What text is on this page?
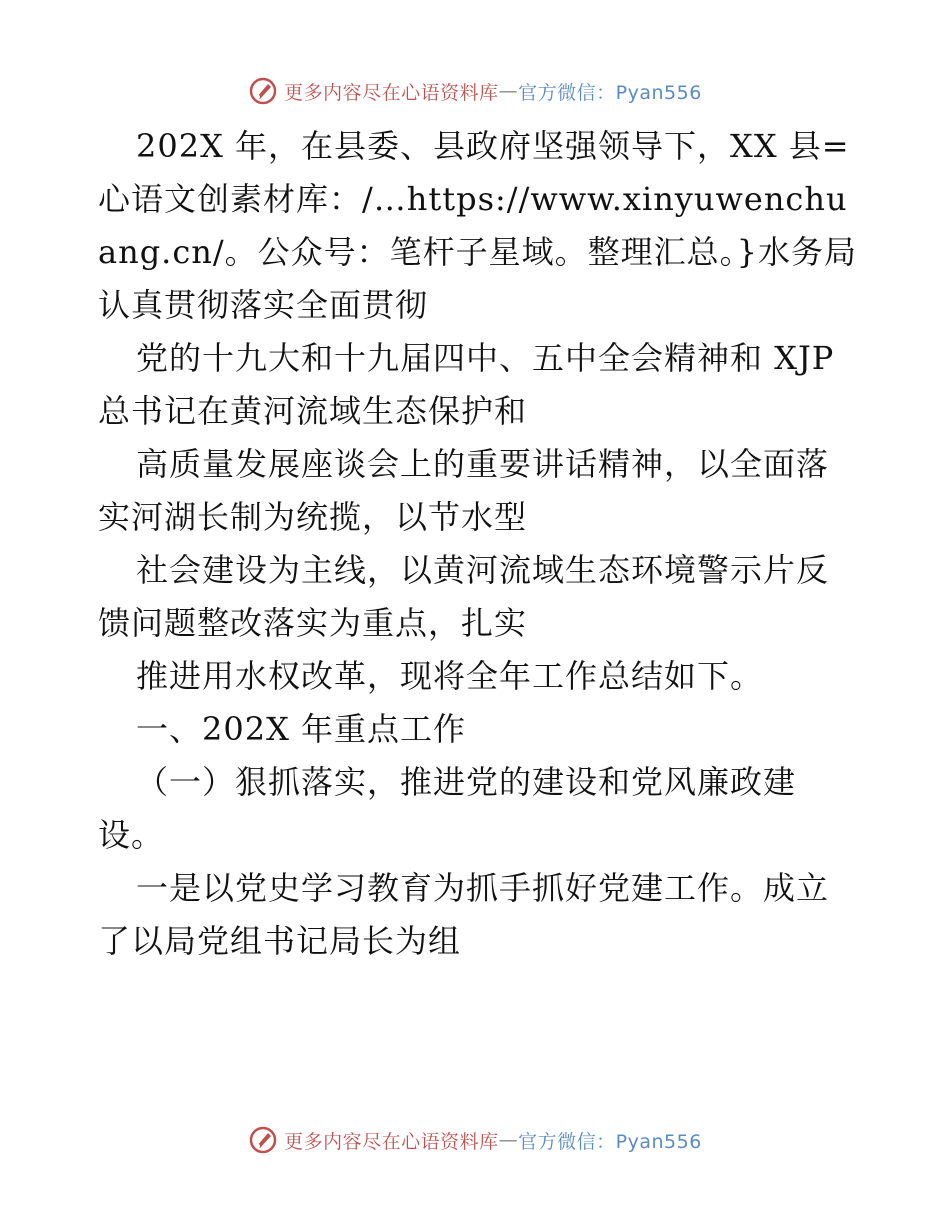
更多内容尽在心语资料库 — 官方微信：Pyan556

202X 年，在县委、县政府坚强领导下，XX 县=心语文创素材库：/…https://www.xinyuwenchuang.cn/。公众号：笔杆子星域。整理汇总。}水务局认真贯彻落实全面贯彻

党的十九大和十九届四中、五中全会精神和 XJP 总书记在黄河流域生态保护和

高质量发展座谈会上的重要讲话精神，以全面落实河湖长制为统揽，以节水型

社会建设为主线，以黄河流域生态环境警示片反馈问题整改落实为重点，扎实

推进用水权改革，现将全年工作总结如下。

一、202X 年重点工作

（一）狠抓落实，推进党的建设和党风廉政建设。

一是以党史学习教育为抓手抓好党建工作。成立了以局党组书记局长为组

更多内容尽在心语资料库 — 官方微信：Pyan556
